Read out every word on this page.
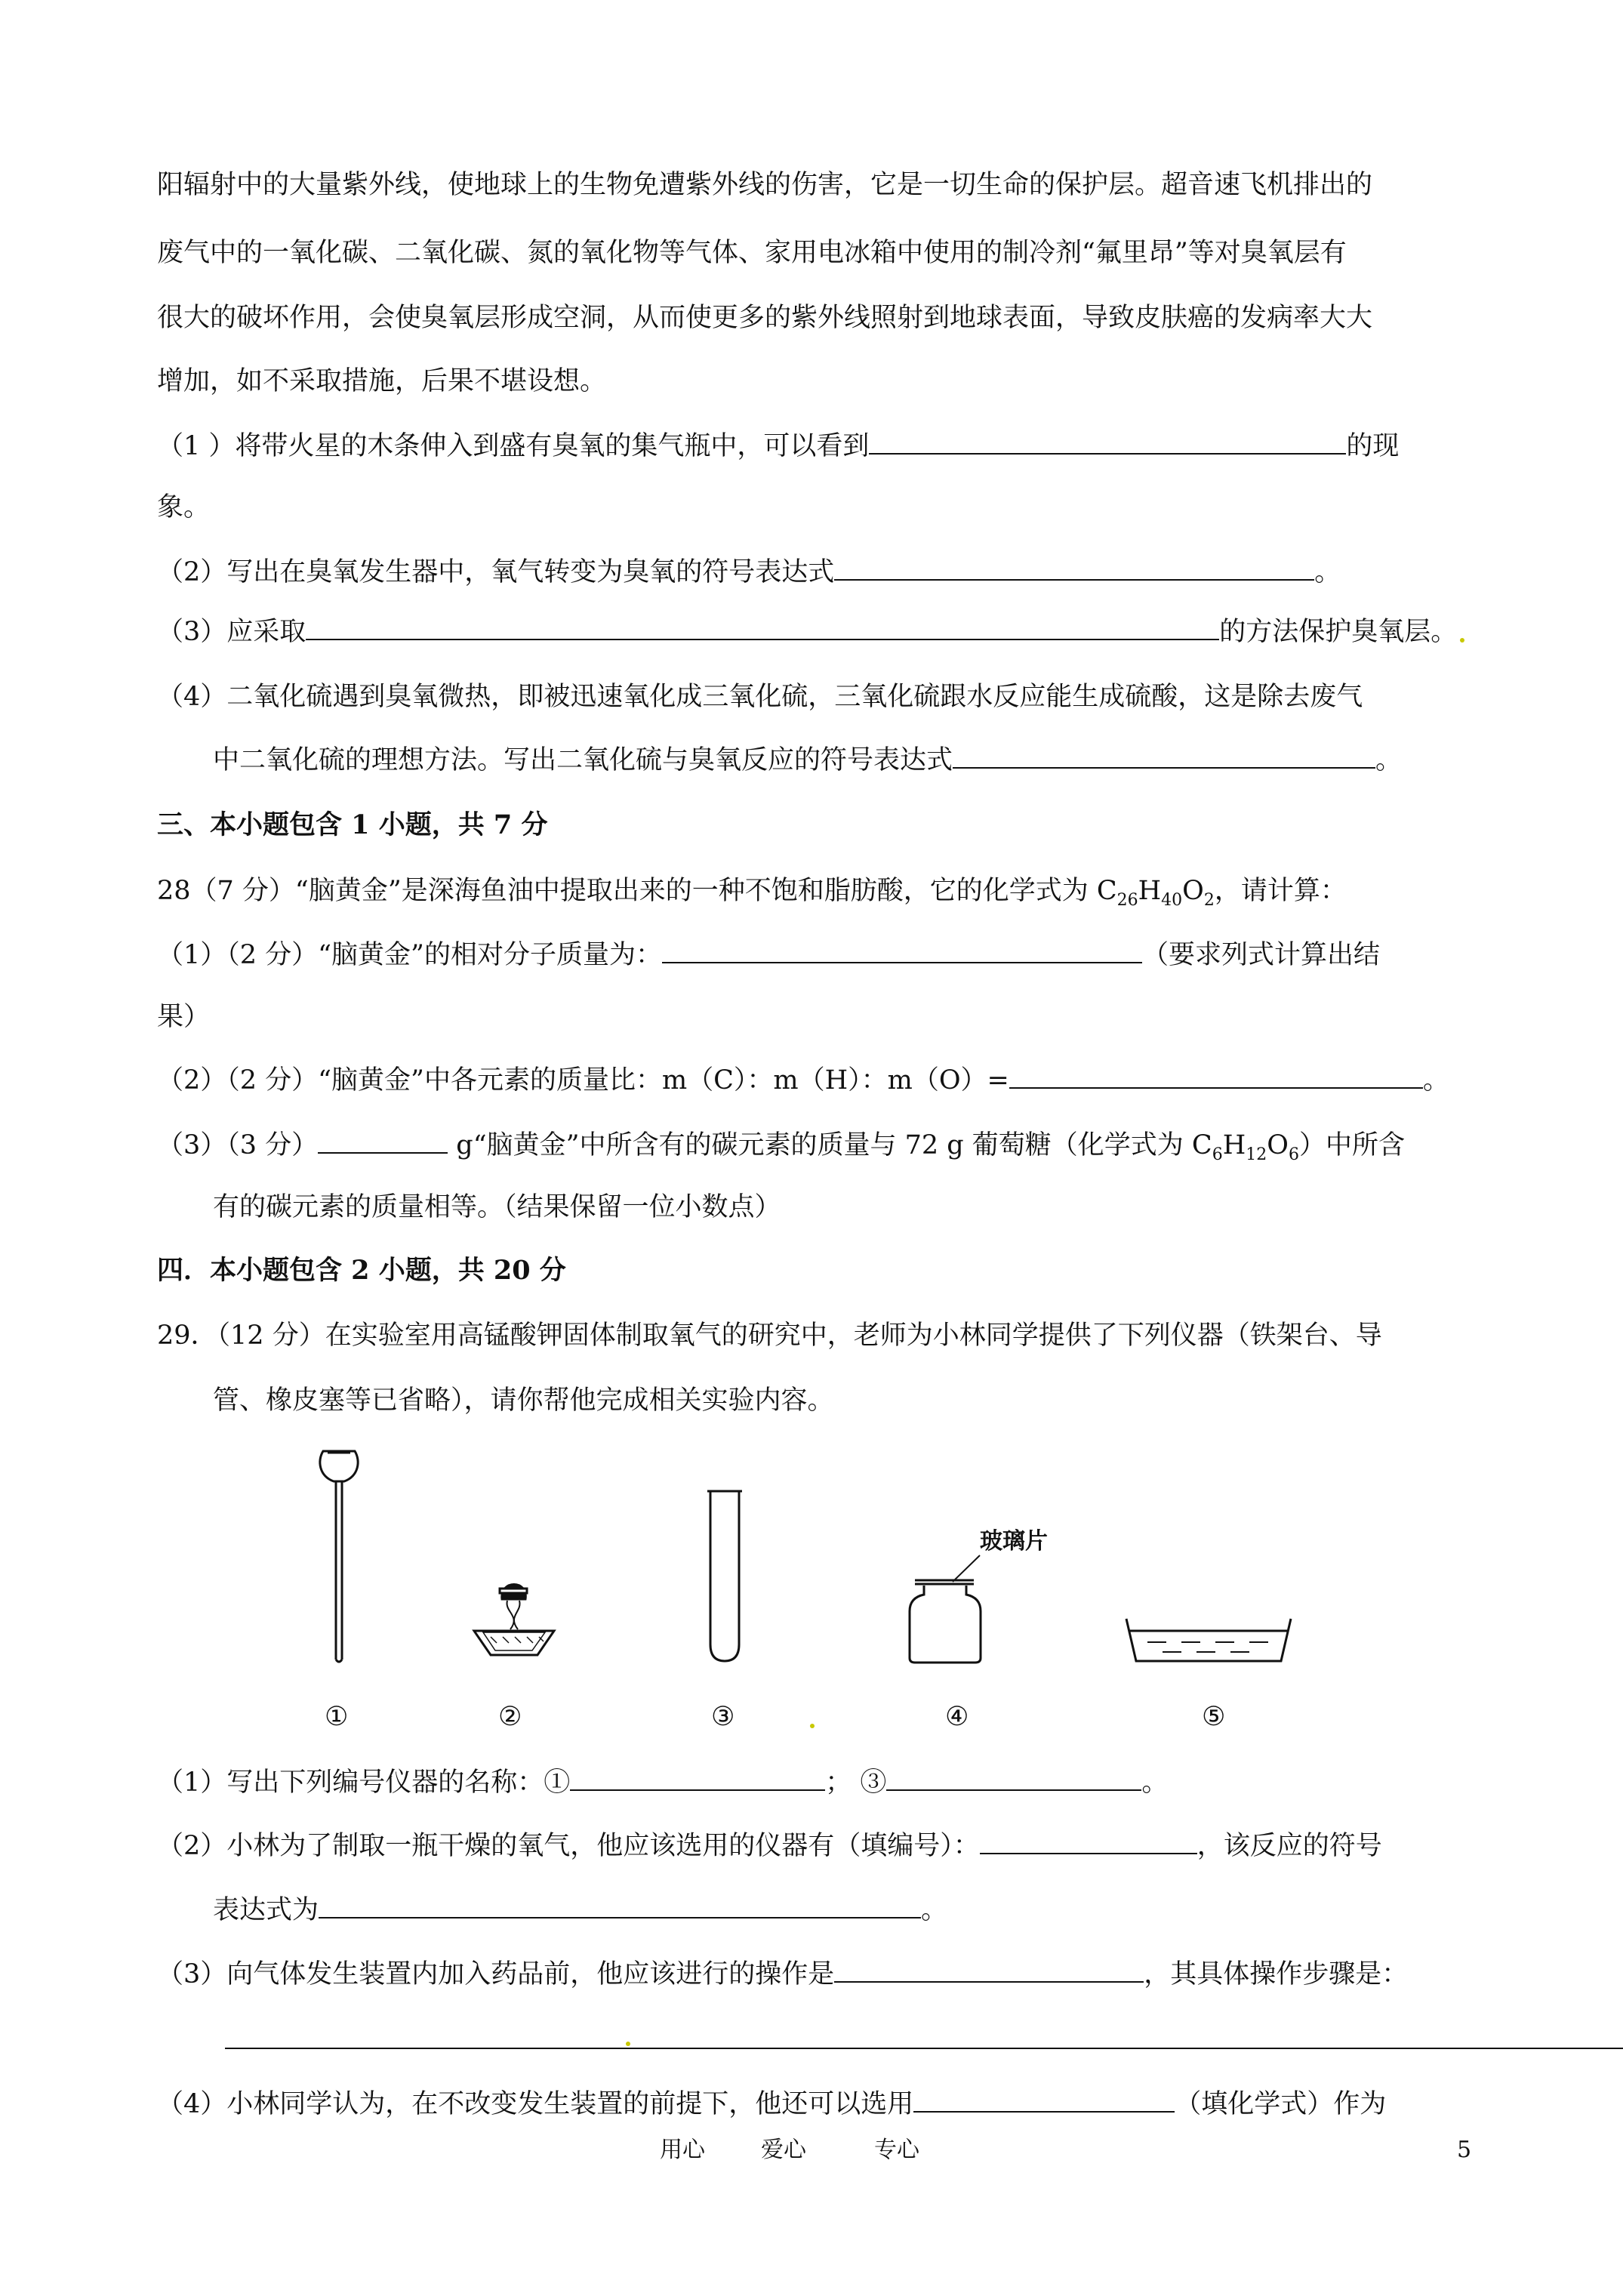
阳辐射中的大量紫外线，使地球上的生物免遭紫外线的伤害，它是一切生命的保护层。超音速飞机排出的

废气中的一氧化碳、二氧化碳、氮的氧化物等气体、家用电冰箱中使用的制冷剂“氟里昂”等对臭氧层有

很大的破坏作用，会使臭氧层形成空洞，从而使更多的紫外线照射到地球表面，导致皮肤癌的发病率大大

增加，如不采取措施，后果不堪设想。

（1 ）将带火星的木条伸入到盛有臭氧的集气瓶中，可以看到	的现

象。

（2）写出在臭氧发生器中，氧气转变为臭氧的符号表达式	。

（3）应采取	的方法保护臭氧层。

（4）二氧化硫遇到臭氧微热，即被迅速氧化成三氧化硫，三氧化硫跟水反应能生成硫酸，这是除去废气

中二氧化硫的理想方法。写出二氧化硫与臭氧反应的符号表达式	。

三、本小题包含 1 小题，共 7 分

28（7 分）“脑黄金”是深海鱼油中提取出来的一种不饱和脂肪酸，它的化学式为 $C_{26}H_{40}O_2$，请计算：

（1）（2 分）“脑黄金”的相对分子质量为：	（要求列式计算出结

果）

（2）（2 分）“脑黄金”中各元素的质量比：m（C）：m（H）：m（O）=	。

（3）（3 分）	g“脑黄金”中所含有的碳元素的质量与 72 g 葡萄糖（化学式为 $C_6H_{12}O_6$）中所含

有的碳元素的质量相等。（结果保留一位小数点）

四．本小题包含 2 小题，共 20 分

29．（12 分）在实验室用高锰酸钾固体制取氧气的研究中，老师为小林同学提供了下列仪器（铁架台、导

管、橡皮塞等已省略），请你帮他完成相关实验内容。

玻璃片
①	②	③	④	⑤

（1）写出下列编号仪器的名称：①	； ③	。

（2）小林为了制取一瓶干燥的氧气，他应该选用的仪器有（填编号）：	，该反应的符号

表达式为	。

（3）向气体发生装置内加入药品前，他应该进行的操作是	，其具体操作步骤是：

（4）小林同学认为，在不改变发生装置的前提下，他还可以选用	（填化学式）作为

用心 爱心	专心	5
